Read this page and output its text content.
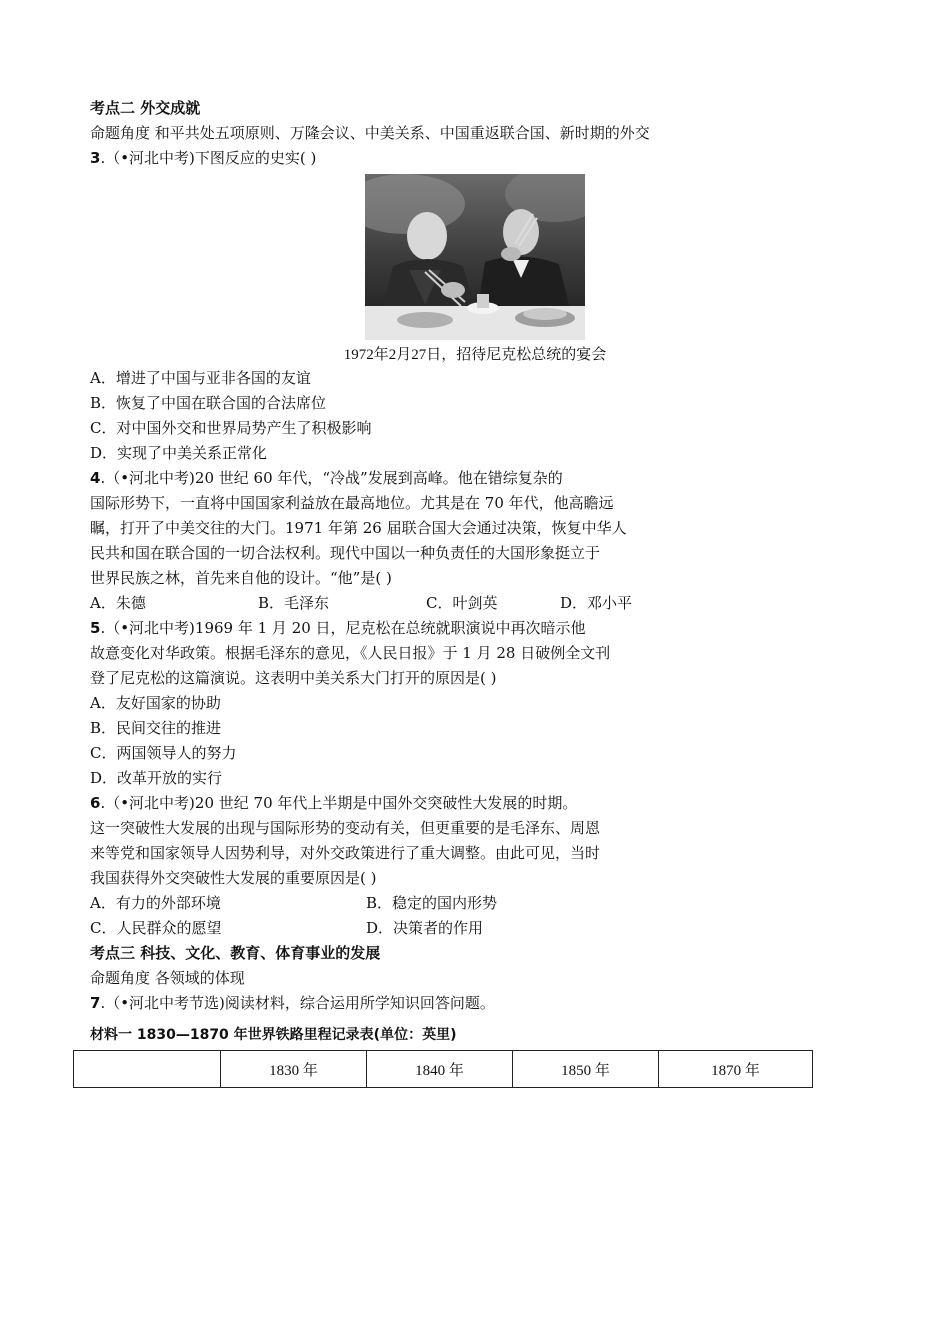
考点二 外交成就
命题角度 和平共处五项原则、万隆会议、中美关系、中国重返联合国、新时期的外交
3.（•河北中考)下图反应的史实( )
1972年2月27日，招待尼克松总统的宴会
A．增进了中国与亚非各国的友谊
B．恢复了中国在联合国的合法席位
C．对中国外交和世界局势产生了积极影响
D．实现了中美关系正常化
4.（•河北中考)20 世纪 60 年代，“冷战”发展到高峰。他在错综复杂的
国际形势下，一直将中国国家利益放在最高地位。尤其是在 70 年代，他高瞻远
瞩，打开了中美交往的大门。1971 年第 26 届联合国大会通过决策，恢复中华人
民共和国在联合国的一切合法权利。现代中国以一种负责任的大国形象挺立于
世界民族之林，首先来自他的设计。“他”是( )
A．朱德	B．毛泽东	C．叶剑英	D．邓小平
5.（•河北中考)1969 年 1 月 20 日，尼克松在总统就职演说中再次暗示他
故意变化对华政策。根据毛泽东的意见，《人民日报》于 1 月 28 日破例全文刊
登了尼克松的这篇演说。这表明中美关系大门打开的原因是( )
A．友好国家的协助
B．民间交往的推进
C．两国领导人的努力
D．改革开放的实行
6.（•河北中考)20 世纪 70 年代上半期是中国外交突破性大发展的时期。
这一突破性大发展的出现与国际形势的变动有关，但更重要的是毛泽东、周恩
来等党和国家领导人因势利导，对外交政策进行了重大调整。由此可见，当时
我国获得外交突破性大发展的重要原因是( )
A．有力的外部环境	B．稳定的国内形势
C．人民群众的愿望	D．决策者的作用
考点三 科技、文化、教育、体育事业的发展
命题角度 各领域的体现
7.（•河北中考节选)阅读材料，综合运用所学知识回答问题。
材料一 1830—1870 年世界铁路里程记录表(单位：英里)
	1830 年	1840 年	1850 年	1870 年
